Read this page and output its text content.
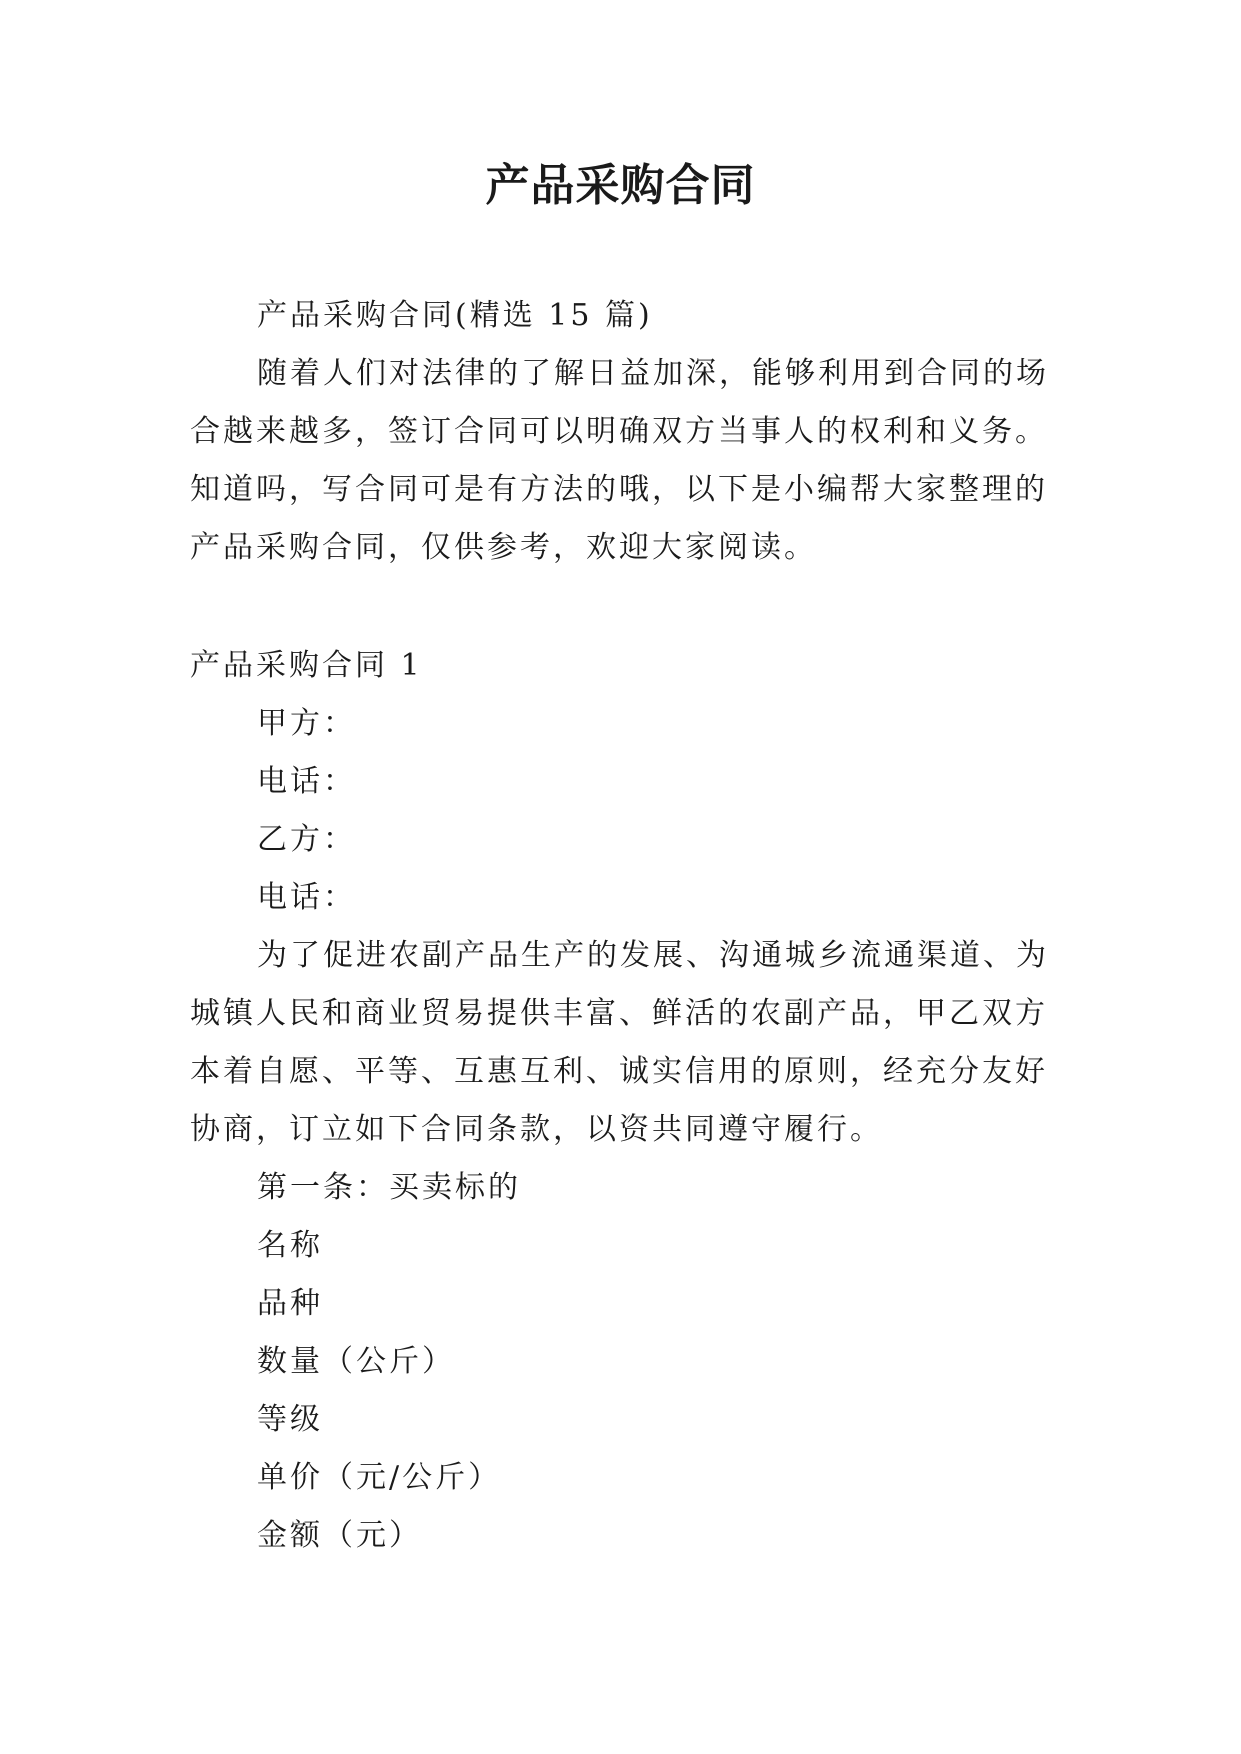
产品采购合同
产品采购合同(精选 15 篇)
随着人们对法律的了解日益加深，能够利用到合同的场
合越来越多，签订合同可以明确双方当事人的权利和义务。
知道吗，写合同可是有方法的哦，以下是小编帮大家整理的
产品采购合同，仅供参考，欢迎大家阅读。
产品采购合同 1
甲方：
电话：
乙方：
电话：
为了促进农副产品生产的发展、沟通城乡流通渠道、为
城镇人民和商业贸易提供丰富、鲜活的农副产品，甲乙双方
本着自愿、平等、互惠互利、诚实信用的原则，经充分友好
协商，订立如下合同条款，以资共同遵守履行。
第一条：买卖标的
名称
品种
数量（公斤）
等级
单价（元/公斤）
金额（元）
